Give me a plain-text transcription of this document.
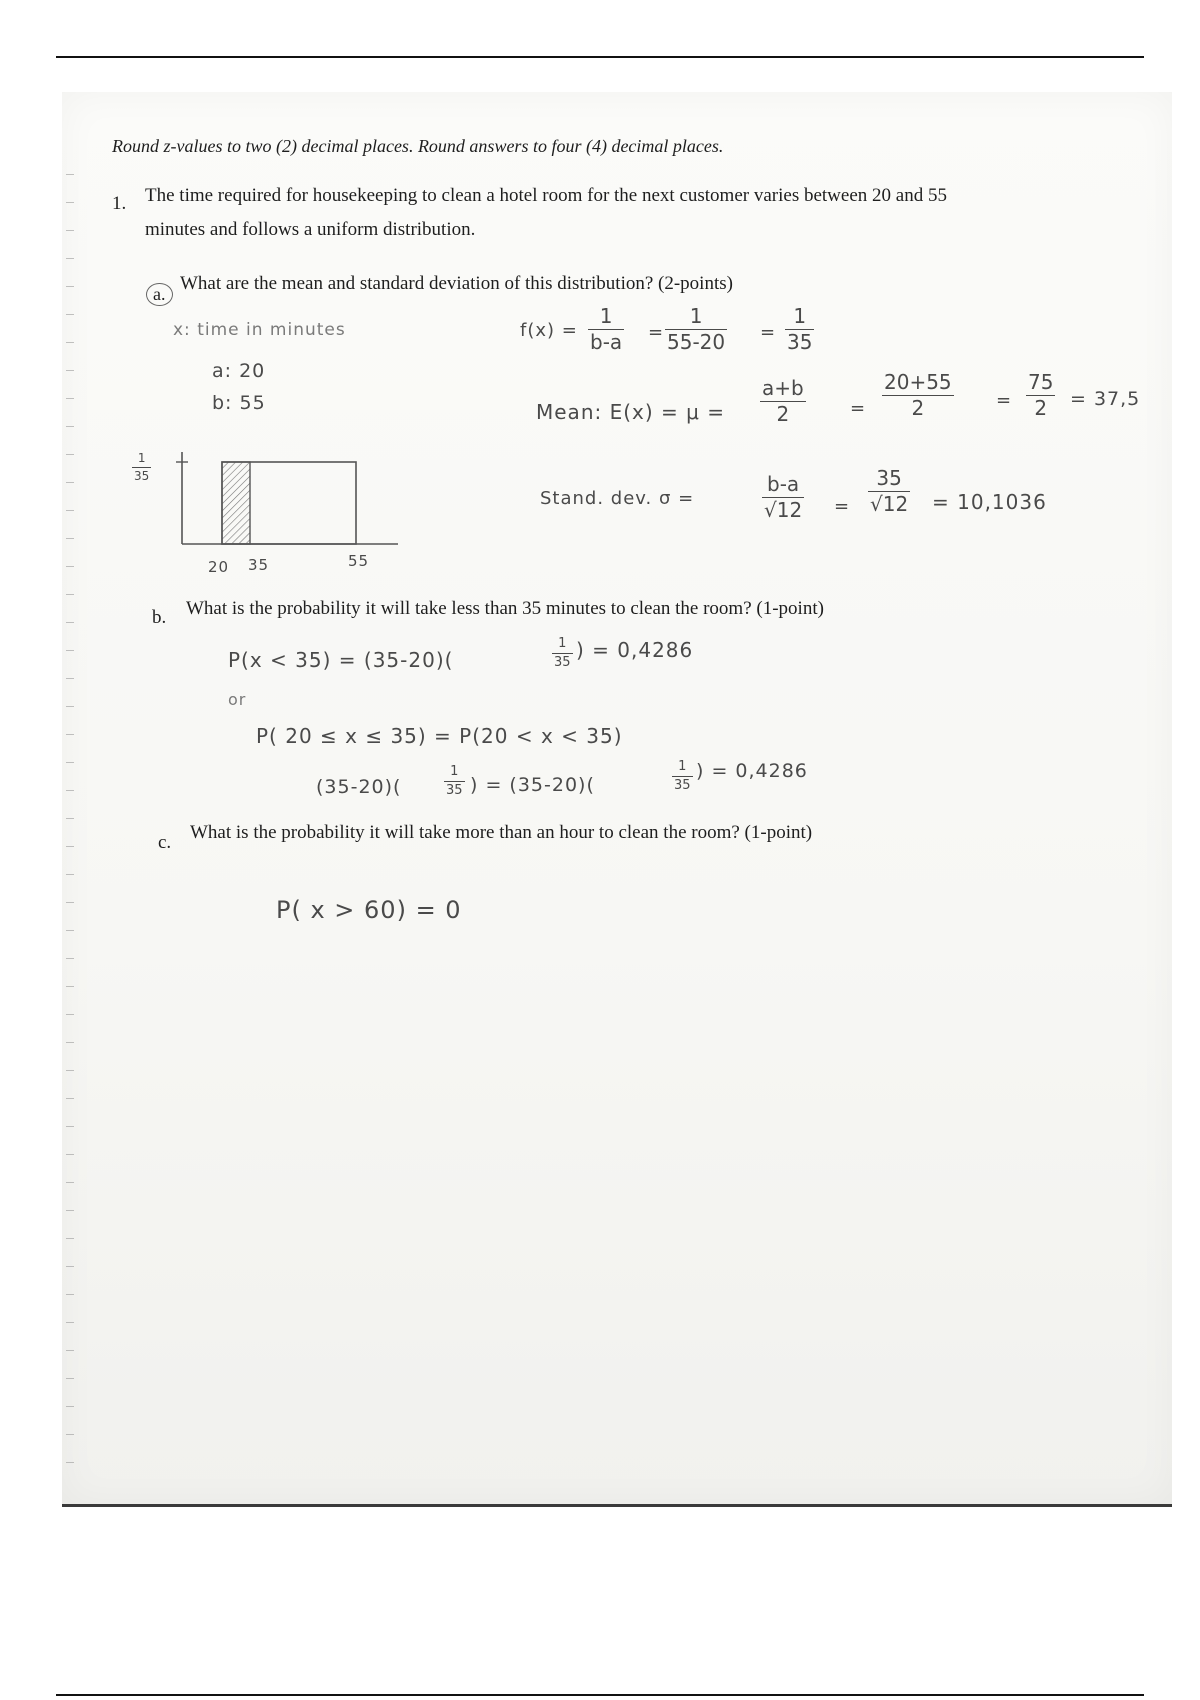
Round z-values to two (2) decimal places. Round answers to four (4) decimal places.
1. The time required for housekeeping to clean a hotel room for the next customer varies between 20 and 55
minutes and follows a uniform distribution.
a. What are the mean and standard deviation of this distribution? (2-points)
x: time in minutes
a: 20
b: 55
f(x) =
1
b-a =
1
55-20 =
1
35
Mean: E(x) = μ =
a+b
2	=
20+55
2	=
75
2 = 37,5
Stand. dev. σ =
b-a
√12 =
35
√12 = 10,1036
1
35
20 35	55
b. What is the probability it will take less than 35 minutes to clean the room? (1-point)
P(x < 35) = (35-20)(
1
35
) = 0,4286
or
P( 20 ≤ x ≤ 35) = P(20 < x < 35)
(35-20)(
1
35 ) = (35-20)(
1
35
) = 0,4286
c. What is the probability it will take more than an hour to clean the room? (1-point)
P( x > 60) = 0
